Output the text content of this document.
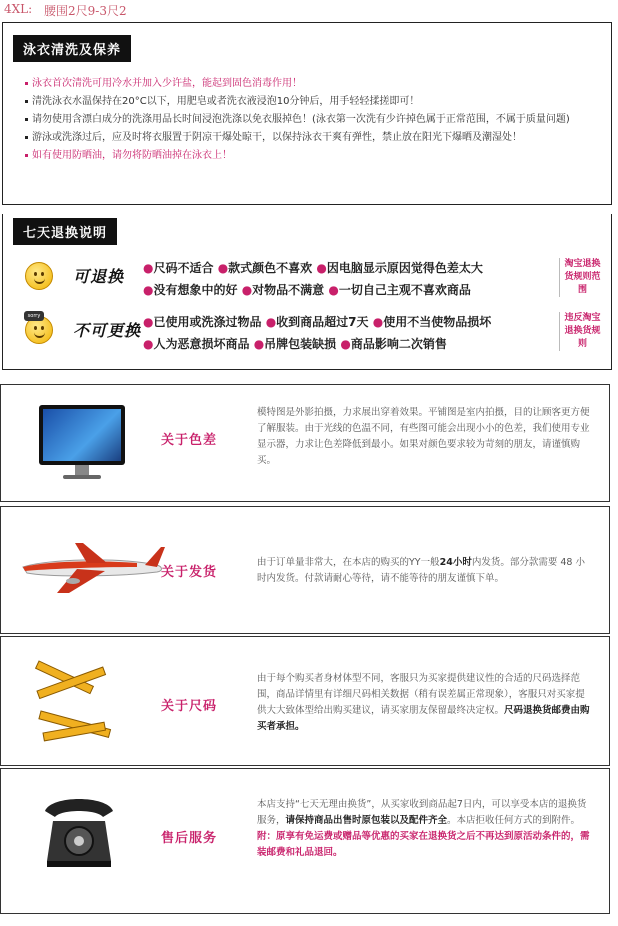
4XL: 腰围2尺9-3尺2
泳衣清洗及保养
泳衣首次清洗可用冷水并加入少许盐，能起到固色消毒作用！
清洗泳衣水温保持在20°C以下，用肥皂或者洗衣液浸泡10分钟后，用手轻轻揉搓即可！
请勿使用含漂白成分的洗涤用品长时间浸泡洗涤以免衣服掉色！(泳衣第一次洗有少许掉色属于正常范围，不属于质量问题)
游泳或洗涤过后，应及时将衣服置于阴凉干爆处晾干，以保持泳衣干爽有弹性，禁止放在阳光下爆晒及潮湿处！
如有使用防晒油，请勿将防晒油掉在泳衣上！
七天退换说明
可退换 ●尺码不适合 ●款式颜色不喜欢 ●因电脑显示原因觉得色差太大
●没有想象中的好 ●对物品不满意 ●一切自己主观不喜欢商品
淘宝退换货规则范围
sorry
不可更换 ●已使用或洗涤过物品 ●收到商品超过7天 ●使用不当使物品损坏
●人为恶意损坏商品 ●吊牌包装缺损 ●商品影响二次销售
违反淘宝退换货规则
关于色差
模特图是外影拍摄，力求展出穿着效果。平铺图是室内拍摄，目的让顾客更方便了解服装。由于光线的色温不同，有些图可能会出现小小的色差，我们使用专业显示器，力求让色差降低到最小。如果对颜色要求较为苛刻的朋友，请谨慎购买。
关于发货
由于订单量非常大，在本店的购买的YY一般24小时内发货。部分款需要 48 小时内发货。付款请耐心等待，请不能等待的朋友谨慎下单。
关于尺码
由于每个购买者身材体型不同，客服只为买家提供建议性的合适的尺码选择范围，商品详情里有详细尺码相关数据（稍有误差属正常现象），客服只对买家提供大大致体型给出购买建议，请买家朋友保留最终决定权。尺码退换货邮费由购买者承担。
售后服务
本店支持“七天无理由换货”，从买家收到商品起7日内，可以享受本店的退换货服务，请保持商品出售时原包装以及配件齐全。本店拒收任何方式的到附件。
附：原享有免运费或赠品等优惠的买家在退换货之后不再达到原活动条件的，需装邮费和礼品退回。
